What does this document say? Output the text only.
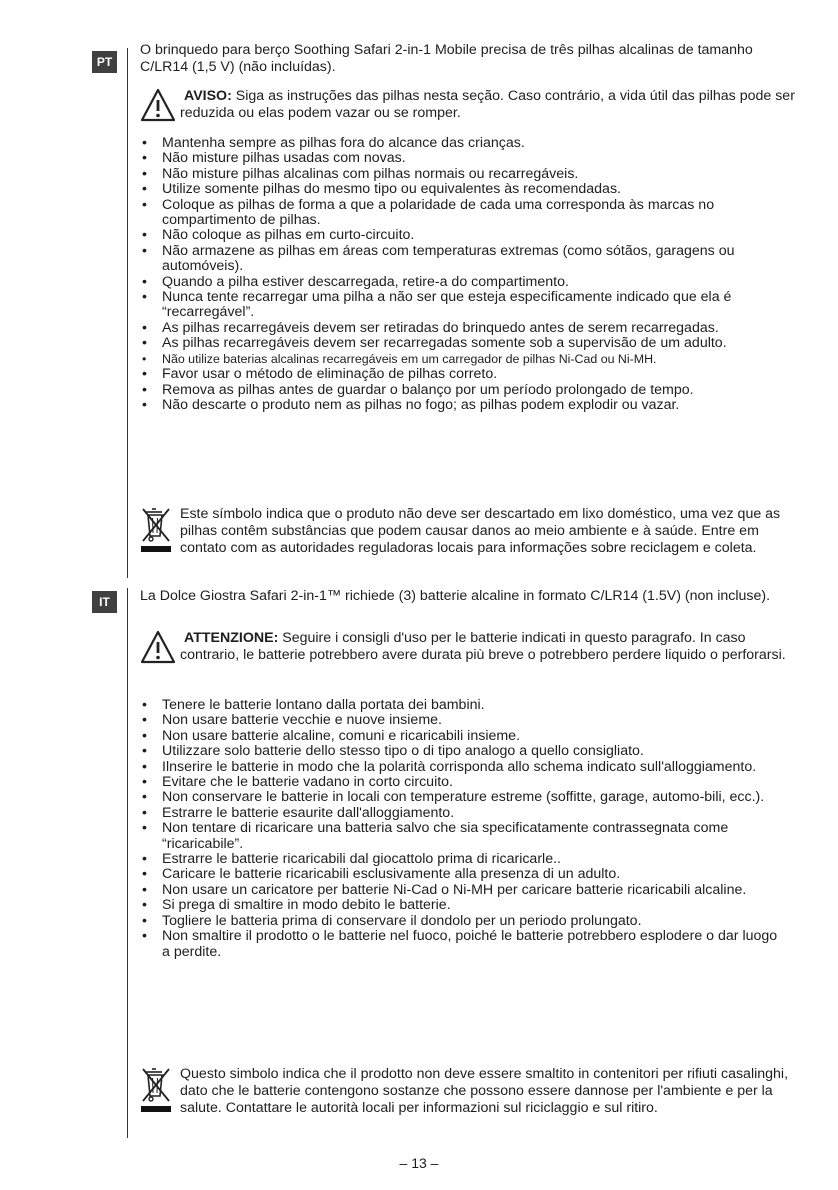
PT

O brinquedo para berço Soothing Safari 2-in-1 Mobile precisa de três pilhas alcalinas de tamanho C/LR14 (1,5 V) (não incluídas).

AVISO: Siga as instruções das pilhas nesta seção. Caso contrário, a vida útil das pilhas pode ser reduzida ou elas podem vazar ou se romper.

• Mantenha sempre as pilhas fora do alcance das crianças.
• Não misture pilhas usadas com novas.
• Não misture pilhas alcalinas com pilhas normais ou recarregáveis.
• Utilize somente pilhas do mesmo tipo ou equivalentes às recomendadas.
• Coloque as pilhas de forma a que a polaridade de cada uma corresponda às marcas no compartimento de pilhas.
• Não coloque as pilhas em curto-circuito.
• Não armazene as pilhas em áreas com temperaturas extremas (como sótãos, garagens ou automóveis).
• Quando a pilha estiver descarregada, retire-a do compartimento.
• Nunca tente recarregar uma pilha a não ser que esteja especificamente indicado que ela é “recarregável”.
• As pilhas recarregáveis devem ser retiradas do brinquedo antes de serem recarregadas.
• As pilhas recarregáveis devem ser recarregadas somente sob a supervisão de um adulto.
• Não utilize baterias alcalinas recarregáveis em um carregador de pilhas Ni-Cad ou Ni-MH.
• Favor usar o método de eliminação de pilhas correto.
• Remova as pilhas antes de guardar o balanço por um período prolongado de tempo.
• Não descarte o produto nem as pilhas no fogo; as pilhas podem explodir ou vazar.

Este símbolo indica que o produto não deve ser descartado em lixo doméstico, uma vez que as pilhas contêm substâncias que podem causar danos ao meio ambiente e à saúde. Entre em contato com as autoridades reguladoras locais para informações sobre reciclagem e coleta.

IT	La Dolce Giostra Safari 2-in-1™ richiede (3) batterie alcaline in formato C/LR14 (1.5V) (non incluse).

ATTENZIONE: Seguire i consigli d'uso per le batterie indicati in questo paragrafo. In caso contrario, le batterie potrebbero avere durata più breve o potrebbero perdere liquido o perforarsi.

• Tenere le batterie lontano dalla portata dei bambini.
• Non usare batterie vecchie e nuove insieme.
• Non usare batterie alcaline, comuni e ricaricabili insieme.
• Utilizzare solo batterie dello stesso tipo o di tipo analogo a quello consigliato.
• Ilnserire le batterie in modo che la polarità corrisponda allo schema indicato sull'alloggiamento.
• Evitare che le batterie vadano in corto circuito.
• Non conservare le batterie in locali con temperature estreme (soffitte, garage, automo-bili, ecc.).
• Estrarre le batterie esaurite dall'alloggiamento.
• Non tentare di ricaricare una batteria salvo che sia specificatamente contrassegnata come “ricaricabile”.
• Estrarre le batterie ricaricabili dal giocattolo prima di ricaricarle..
• Caricare le batterie ricaricabili esclusivamente alla presenza di un adulto.
• Non usare un caricatore per batterie Ni-Cad o Ni-MH per caricare batterie ricaricabili alcaline.
• Si prega di smaltire in modo debito le batterie.
• Togliere le batteria prima di conservare il dondolo per un periodo prolungato.
• Non smaltire il prodotto o le batterie nel fuoco, poiché le batterie potrebbero esplodere o dar luogo a perdite.

Questo simbolo indica che il prodotto non deve essere smaltito in contenitori per rifiuti casalinghi, dato che le batterie contengono sostanze che possono essere dannose per l'ambiente e per la salute. Contattare le autorità locali per informazioni sul riciclaggio e sul ritiro.

– 13 –
